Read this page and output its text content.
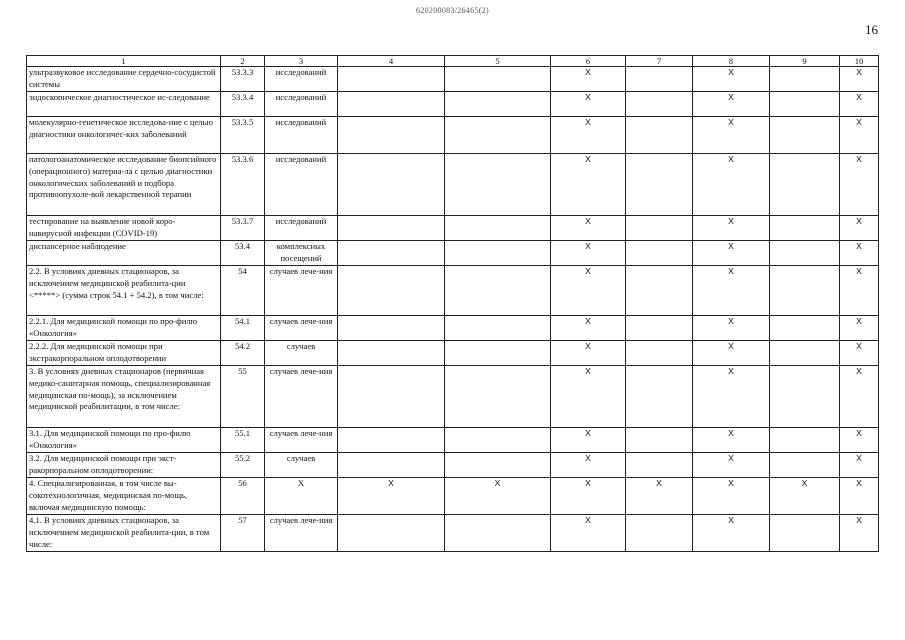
620200083/26465(2)
16
1	2	3	4	5	6	7	8	9	10
ультразвуковое исследование сердечно-сосудистой системы	53.3.3	исследований			X		X		X
эндоскопическое диагностическое ис-следование	53.3.4	исследований			X		X		X
молекулярно-генетическое исследова-ние с целью диагностики онкологичес-ких заболеваний	53.3.5	исследований			X		X		X
патологоанатомическое исследование биопсийного (операционного) материа-ла с целью диагностики онкологических заболеваний и подбора противоопухоле-вой лекарственной терапии	53.3.6	исследований			X		X		X
тестирование на выявление новой коро-навирусной инфекции (COVID-19)	53.3.7	исследований			X		X		X
диспансерное наблюдение	53.4	комплексных посещений			X		X		X
2.2. В условиях дневных стационаров, за исключением медицинской реабилита-ции <*****> (сумма строк 54.1 + 54.2), в том числе:	54	случаев лече-ния			X		X		X
2.2.1. Для медицинской помощи по про-филю «Онкология»	54.1	случаев лече-ния			X		X		X
2.2.2. Для медицинской помощи при экстракорпоральном оплодотворении	54.2	случаев			X		X		X
3. В условиях дневных стационаров (первичная медико-санитарная помощь, специализированная медицинская по-мощь), за исключением медицинской реабилитации, в том числе:	55	случаев лече-ния			X		X		X
3.1. Для медицинской помощи по про-филю «Онкология»	55.1	случаев лече-ния			X		X		X
3.2. Для медицинской помощи при экст-ракорпоральном оплодотворении:	55.2	случаев			X		X		X
4. Специализированная, в том числе вы-сокотехнологичная, медицинская по-мощь, включая медицинскую помощь:	56	X	X	X	X	X	X	X	X
4.1. В условиях дневных стационаров, за исключением медицинской реабилита-ции, в том числе:	57	случаев лече-ния			X		X		X
